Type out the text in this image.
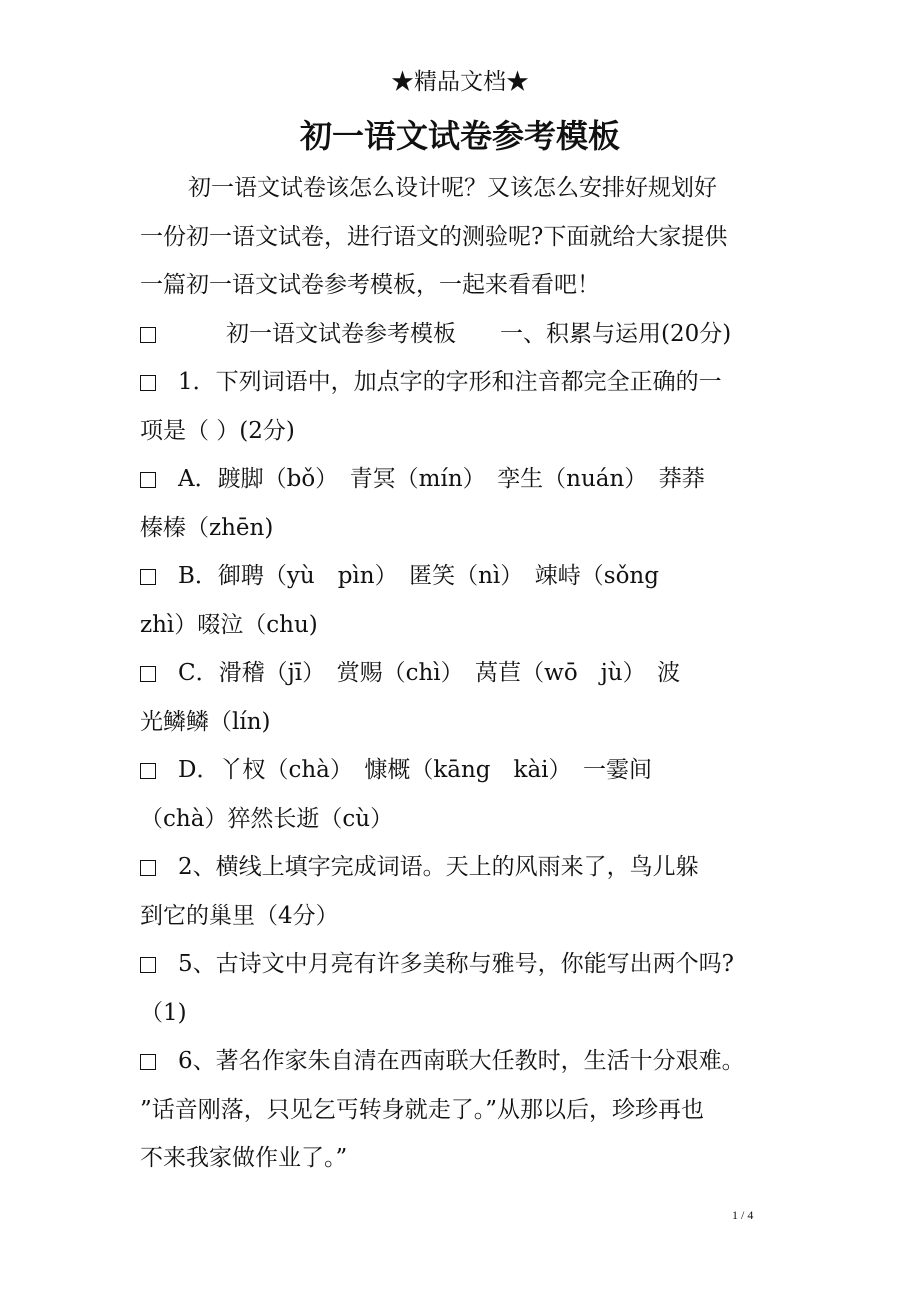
★精品文档★
初一语文试卷参考模板
初一语文试卷该怎么设计呢？又该怎么安排好规划好
一份初一语文试卷，进行语文的测验呢?下面就给大家提供
一篇初一语文试卷参考模板，一起来看看吧！
初一语文试卷参考模板 一、积累与运用(20分)
1．下列词语中，加点字的字形和注音都完全正确的一
项是（ ）(2分)
A．踱脚（bǒ）　青冥（mín）　孪生（nuán）　莽莽
榛榛（zhēn)
B．御聘（yù　pìn）　匿笑（nì）　竦峙（sǒng
zhì）啜泣（chu)
C．滑稽（jī）　赏赐（chì）　莴苣（wō　jù）　波
光鳞鳞（lín)
D．丫杈（chà）　慷概（kāng　kài）　一霎间
（chà）猝然长逝（cù）
2、横线上填字完成词语。天上的风雨来了，鸟儿躲
到它的巢里（4分）
5、古诗文中月亮有许多美称与雅号，你能写出两个吗?
（1)
6、著名作家朱自清在西南联大任教时，生活十分艰难。
”话音刚落，只见乞丐转身就走了。”从那以后，珍珍再也
不来我家做作业了。”
1 / 4
